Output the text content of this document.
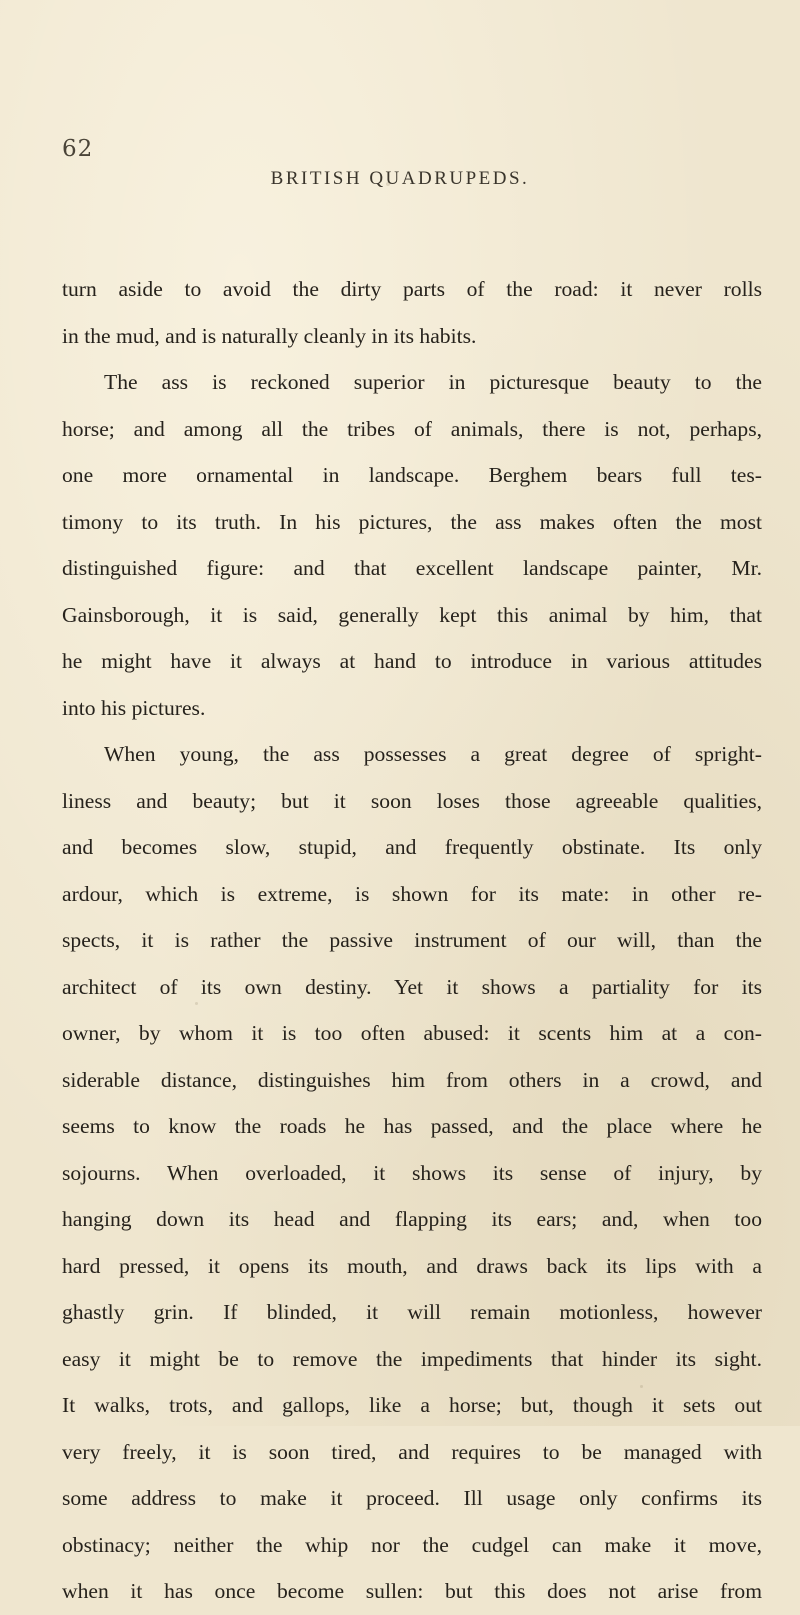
62
BRITISH QUADRUPEDS.
turn aside to avoid the dirty parts of the road: it never rolls
in the mud, and is naturally cleanly in its habits.
The ass is reckoned superior in picturesque beauty to the
horse; and among all the tribes of animals, there is not, perhaps,
one more ornamental in landscape. Berghem bears full tes-
timony to its truth. In his pictures, the ass makes often the most
distinguished figure: and that excellent landscape painter, Mr.
Gainsborough, it is said, generally kept this animal by him, that
he might have it always at hand to introduce in various attitudes
into his pictures.
When young, the ass possesses a great degree of spright-
liness and beauty; but it soon loses those agreeable qualities,
and becomes slow, stupid, and frequently obstinate. Its only
ardour, which is extreme, is shown for its mate: in other re-
spects, it is rather the passive instrument of our will, than the
architect of its own destiny. Yet it shows a partiality for its
owner, by whom it is too often abused: it scents him at a con-
siderable distance, distinguishes him from others in a crowd, and
seems to know the roads he has passed, and the place where he
sojourns. When overloaded, it shows its sense of injury, by
hanging down its head and flapping its ears; and, when too
hard pressed, it opens its mouth, and draws back its lips with a
ghastly grin. If blinded, it will remain motionless, however
easy it might be to remove the impediments that hinder its sight.
It walks, trots, and gallops, like a horse; but, though it sets out
very freely, it is soon tired, and requires to be managed with
some address to make it proceed. Ill usage only confirms its
obstinacy; neither the whip nor the cudgel can make it move,
when it has once become sullen: but this does not arise from
